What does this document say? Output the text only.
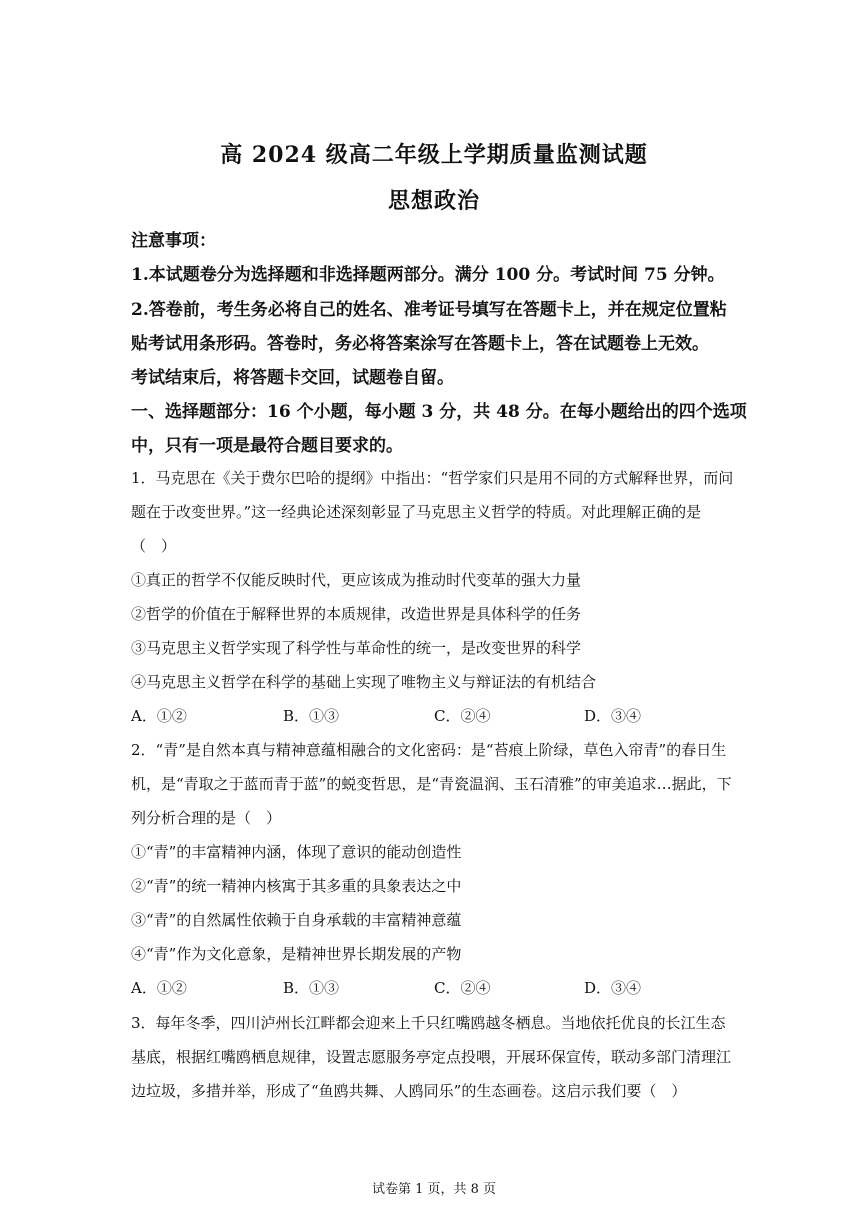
高 2024 级高二年级上学期质量监测试题
思想政治
注意事项：
1.本试题卷分为选择题和非选择题两部分。满分 100 分。考试时间 75 分钟。
2.答卷前，考生务必将自己的姓名、准考证号填写在答题卡上，并在规定位置粘
贴考试用条形码。答卷时，务必将答案涂写在答题卡上，答在试题卷上无效。
考试结束后，将答题卡交回，试题卷自留。
一、选择题部分：16 个小题，每小题 3 分，共 48 分。在每小题给出的四个选项
中，只有一项是最符合题目要求的。
1．马克思在《关于费尔巴哈的提纲》中指出：“哲学家们只是用不同的方式解释世界，而问
题在于改变世界。”这一经典论述深刻彰显了马克思主义哲学的特质。对此理解正确的是
（　）
①真正的哲学不仅能反映时代，更应该成为推动时代变革的强大力量
②哲学的价值在于解释世界的本质规律，改造世界是具体科学的任务
③马克思主义哲学实现了科学性与革命性的统一，是改变世界的科学
④马克思主义哲学在科学的基础上实现了唯物主义与辩证法的有机结合
A．①②	B．①③	C．②④	D．③④
2．“青”是自然本真与精神意蕴相融合的文化密码：是“苔痕上阶绿，草色入帘青”的春日生
机，是“青取之于蓝而青于蓝”的蜕变哲思，是“青瓷温润、玉石清雅”的审美追求…据此，下
列分析合理的是（　）
①“青”的丰富精神内涵，体现了意识的能动创造性
②“青”的统一精神内核寓于其多重的具象表达之中
③“青”的自然属性依赖于自身承载的丰富精神意蕴
④“青”作为文化意象，是精神世界长期发展的产物
A．①②	B．①③	C．②④	D．③④
3．每年冬季，四川泸州长江畔都会迎来上千只红嘴鸥越冬栖息。当地依托优良的长江生态
基底，根据红嘴鸥栖息规律，设置志愿服务亭定点投喂，开展环保宣传，联动多部门清理江
边垃圾，多措并举，形成了“鱼鸥共舞、人鸥同乐”的生态画卷。这启示我们要（　）
试卷第 1 页，共 8 页
